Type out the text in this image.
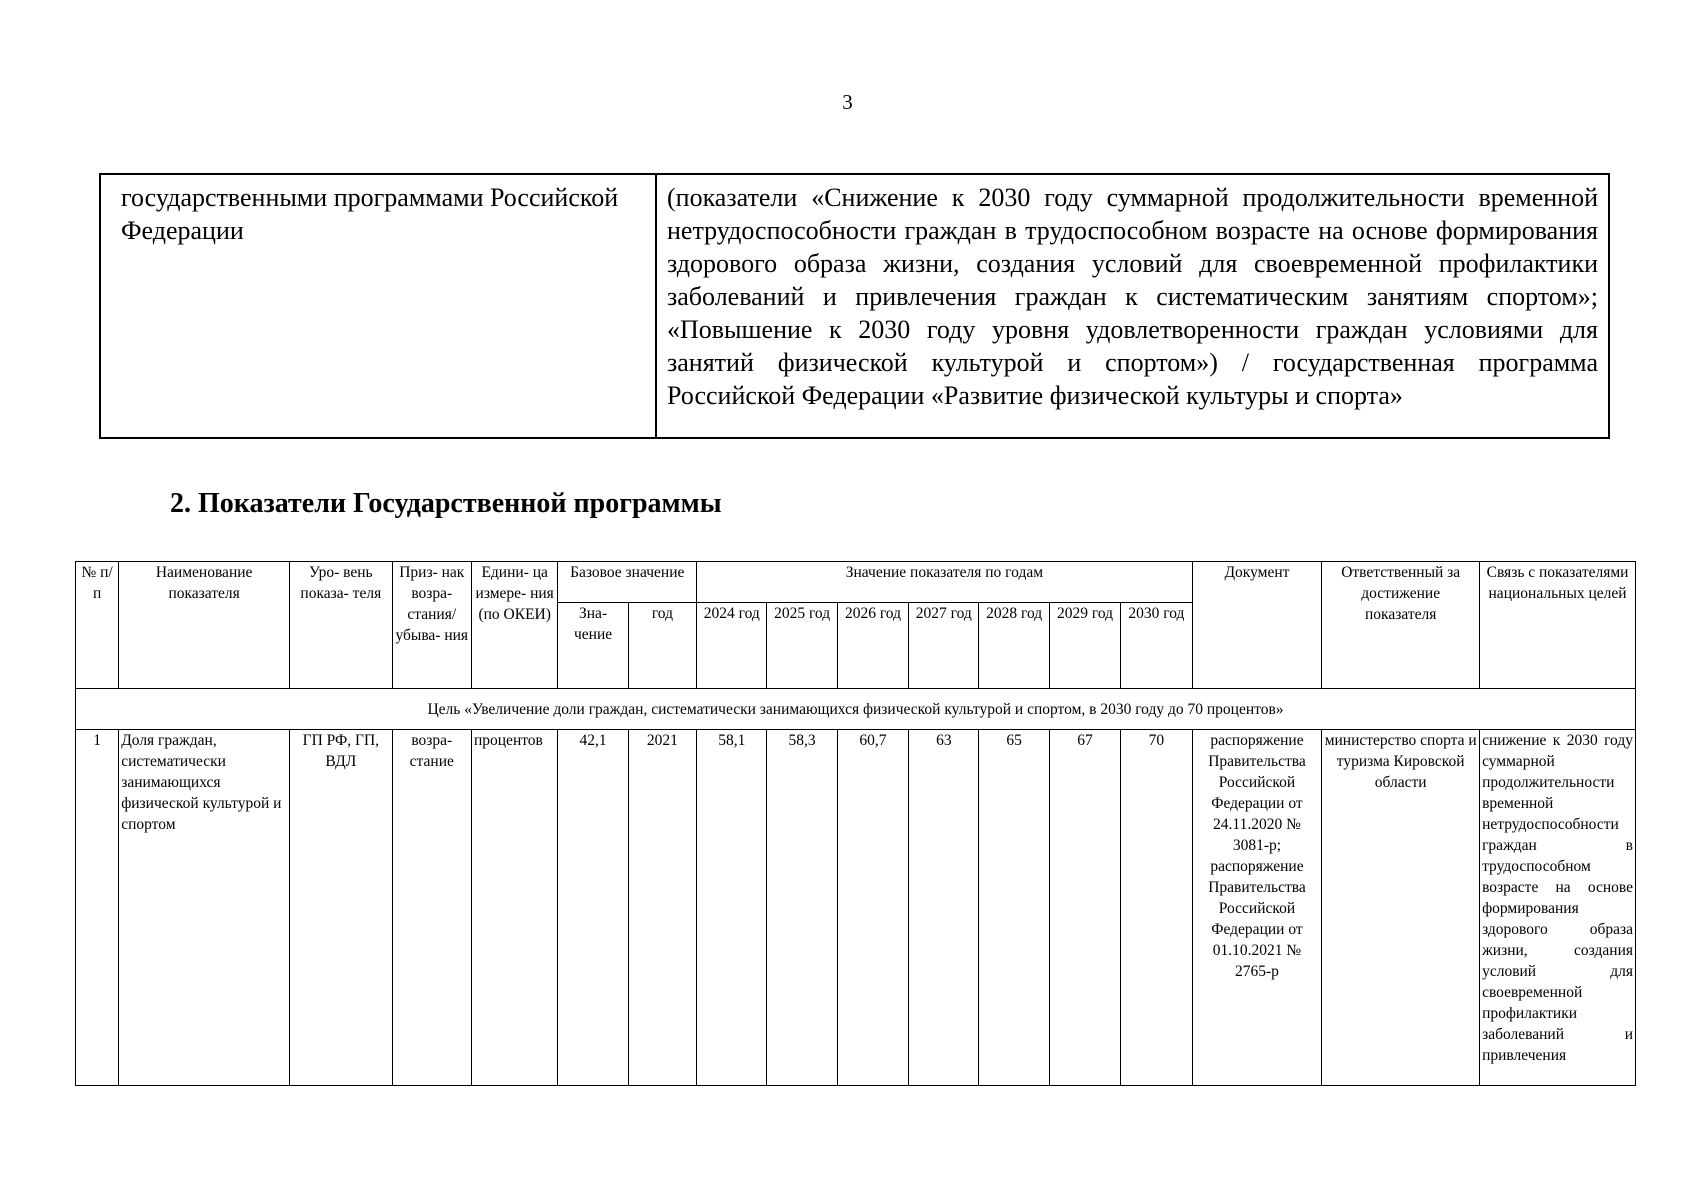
3
государственными программами Российской Федерации
(показатели «Снижение к 2030 году суммарной продолжительности временной нетрудоспособности граждан в трудоспособном возрасте на основе формирования здорового образа жизни, создания условий для своевременной профилактики заболеваний и привлечения граждан к систематическим занятиям спортом»; «Повышение к 2030 году уровня удовлетворенности граждан условиями для занятий физической культурой и спортом») / государственная программа Российской Федерации «Развитие физической культуры и спорта»
2. Показатели Государственной программы
№ п/п	Наименование показателя	Уро- вень показа- теля	Приз- нак возра- стания/ убыва- ния	Едини- ца измере- ния (по ОКЕИ)	Базовое значение		Значение показателя по годам							Документ	Ответственный за достижение показателя	Связь с показателями национальных целей
					Зна- чение	год	2024 год	2025 год	2026 год	2027 год	2028 год	2029 год	2030 год			
Цель «Увеличение доли граждан, систематически занимающихся физической культурой и спортом, в 2030 году до 70 процентов»																
1	Доля граждан, систематически занимающихся физической культурой и спортом	ГП РФ, ГП, ВДЛ	возра- стание	процентов	42,1	2021	58,1	58,3	60,7	63	65	67	70	распоряжение Правительства Российской Федерации от 24.11.2020 № 3081-р; распоряжение Правительства Российской Федерации от 01.10.2021 № 2765-р	министерство спорта и туризма Кировской области	снижение к 2030 году суммарной продолжительности временной нетрудоспособности граждан в трудоспособном возрасте на основе формирования здорового образа жизни, создания условий для своевременной профилактики заболеваний и привлечения
